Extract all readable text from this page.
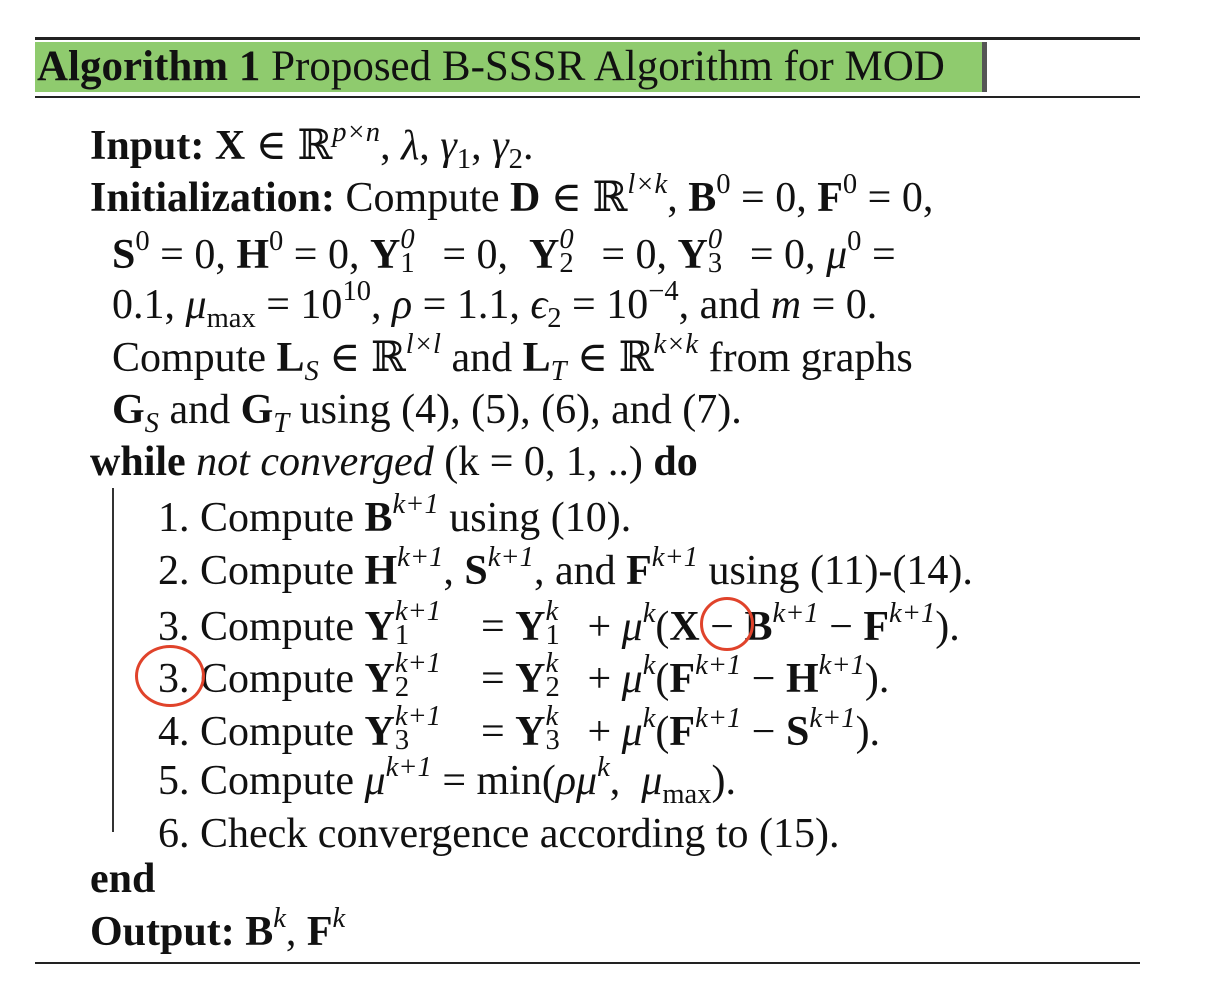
Algorithm 1 Proposed B-SSSR Algorithm for MOD
Input: X ∈ ℝ$^{p\times n}$, λ, $\gamma_1$, $\gamma_2$.
Initialization: Compute D ∈ ℝ$^{l\times k}$, $B^0 = 0$, $F^0 = 0$,
$S^0 = 0$, $H^0 = 0$, Y 0
1 = 0,  Y 0
2 = 0, Y 0
3 = 0, $\mu^0$ =
0.1, $\mu_{max} = 10^{10}$, ρ = 1.1, $\epsilon_2 = 10^{-4}$, and m = 0.
Compute $L_S$ ∈ ℝ$^{l\times l}$ and $L_T$ ∈ ℝ$^{k\times k}$ from graphs
$G_S$ and $G_T$ using (4), (5), (6), and (7).
while not converged (k = 0, 1, ..) do
1. Compute $B^{k+1}$ using (10).
2. Compute $H^{k+1}$, $S^{k+1}$, and $F^{k+1}$ using (11)-(14).
3. Compute Y k+1
1 = Y k
$1 + \mu^k(X - B^{k+1} - F^{k+1})$.
3. Compute Y k+1
2 = Y k
$2 + \mu^k(F^{k+1} - H^{k+1})$.
4. Compute Y k+1
3 = Y k
$3 + \mu^k(F^{k+1} - S^{k+1})$.
5. Compute $\mu^{k+1} = \min(\rho\mu^k$,  $\mu_{max}$).
6. Check convergence according to (15).
end
Output: $B^k$, $F^k$
